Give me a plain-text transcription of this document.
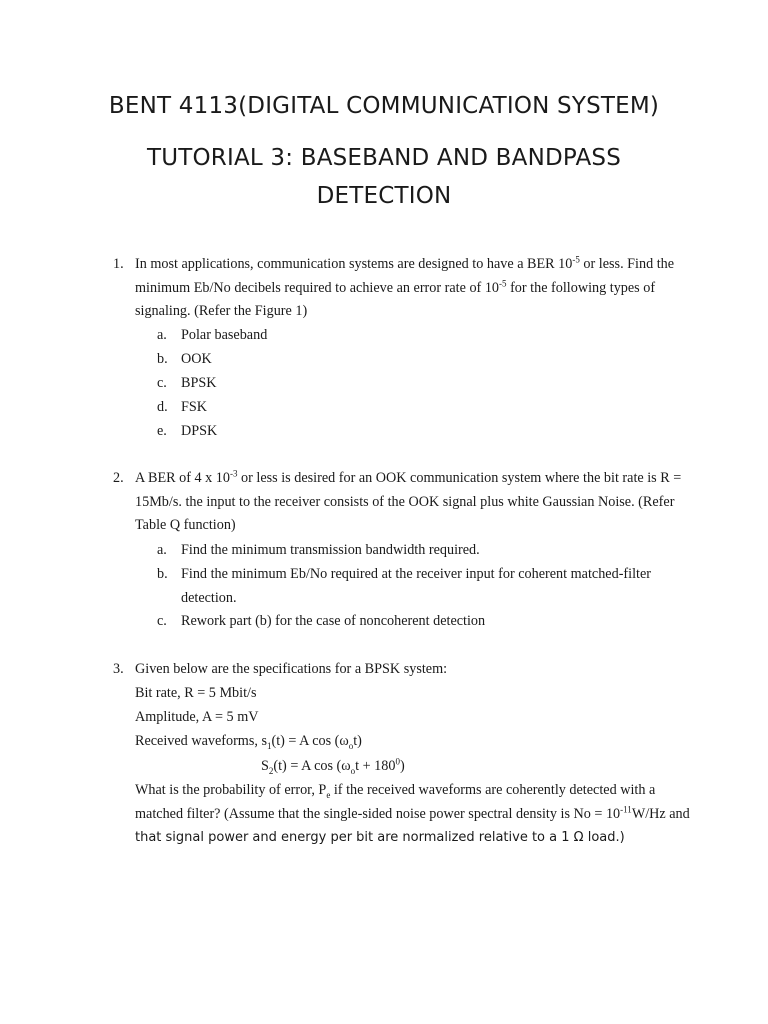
BENT 4113(DIGITAL COMMUNICATION SYSTEM)
TUTORIAL 3: BASEBAND AND BANDPASS
DETECTION
1. In most applications, communication systems are designed to have a BER $10^{-5}$ or less. Find the
minimum Eb/No decibels required to achieve an error rate of $10^{-5}$ for the following types of
signaling. (Refer the Figure 1)
a. Polar baseband
b. OOK
c. BPSK
d. FSK
e. DPSK
2. A BER of 4 x $10^{-3}$ or less is desired for an OOK communication system where the bit rate is R =
15Mb/s. the input to the receiver consists of the OOK signal plus white Gaussian Noise. (Refer
Table Q function)
a. Find the minimum transmission bandwidth required.
b. Find the minimum Eb/No required at the receiver input for coherent matched-filter
detection.
c. Rework part (b) for the case of noncoherent detection
3. Given below are the specifications for a BPSK system:
Bit rate, R = 5 Mbit/s
Amplitude, A = 5 mV
Received waveforms, $s_1(t) = A$ $\cos (\omega_ot)$
$S_2(t) = A$ $\cos (\omega_ot + 180^0)$
What is the probability of error, $P_e$ if the received waveforms are coherently detected with a
matched filter? (Assume that the single-sided noise power spectral density is $No = 10^{-11}W/Hz$ and
that signal power and energy per bit are normalized relative to a 1 Ω load.)
